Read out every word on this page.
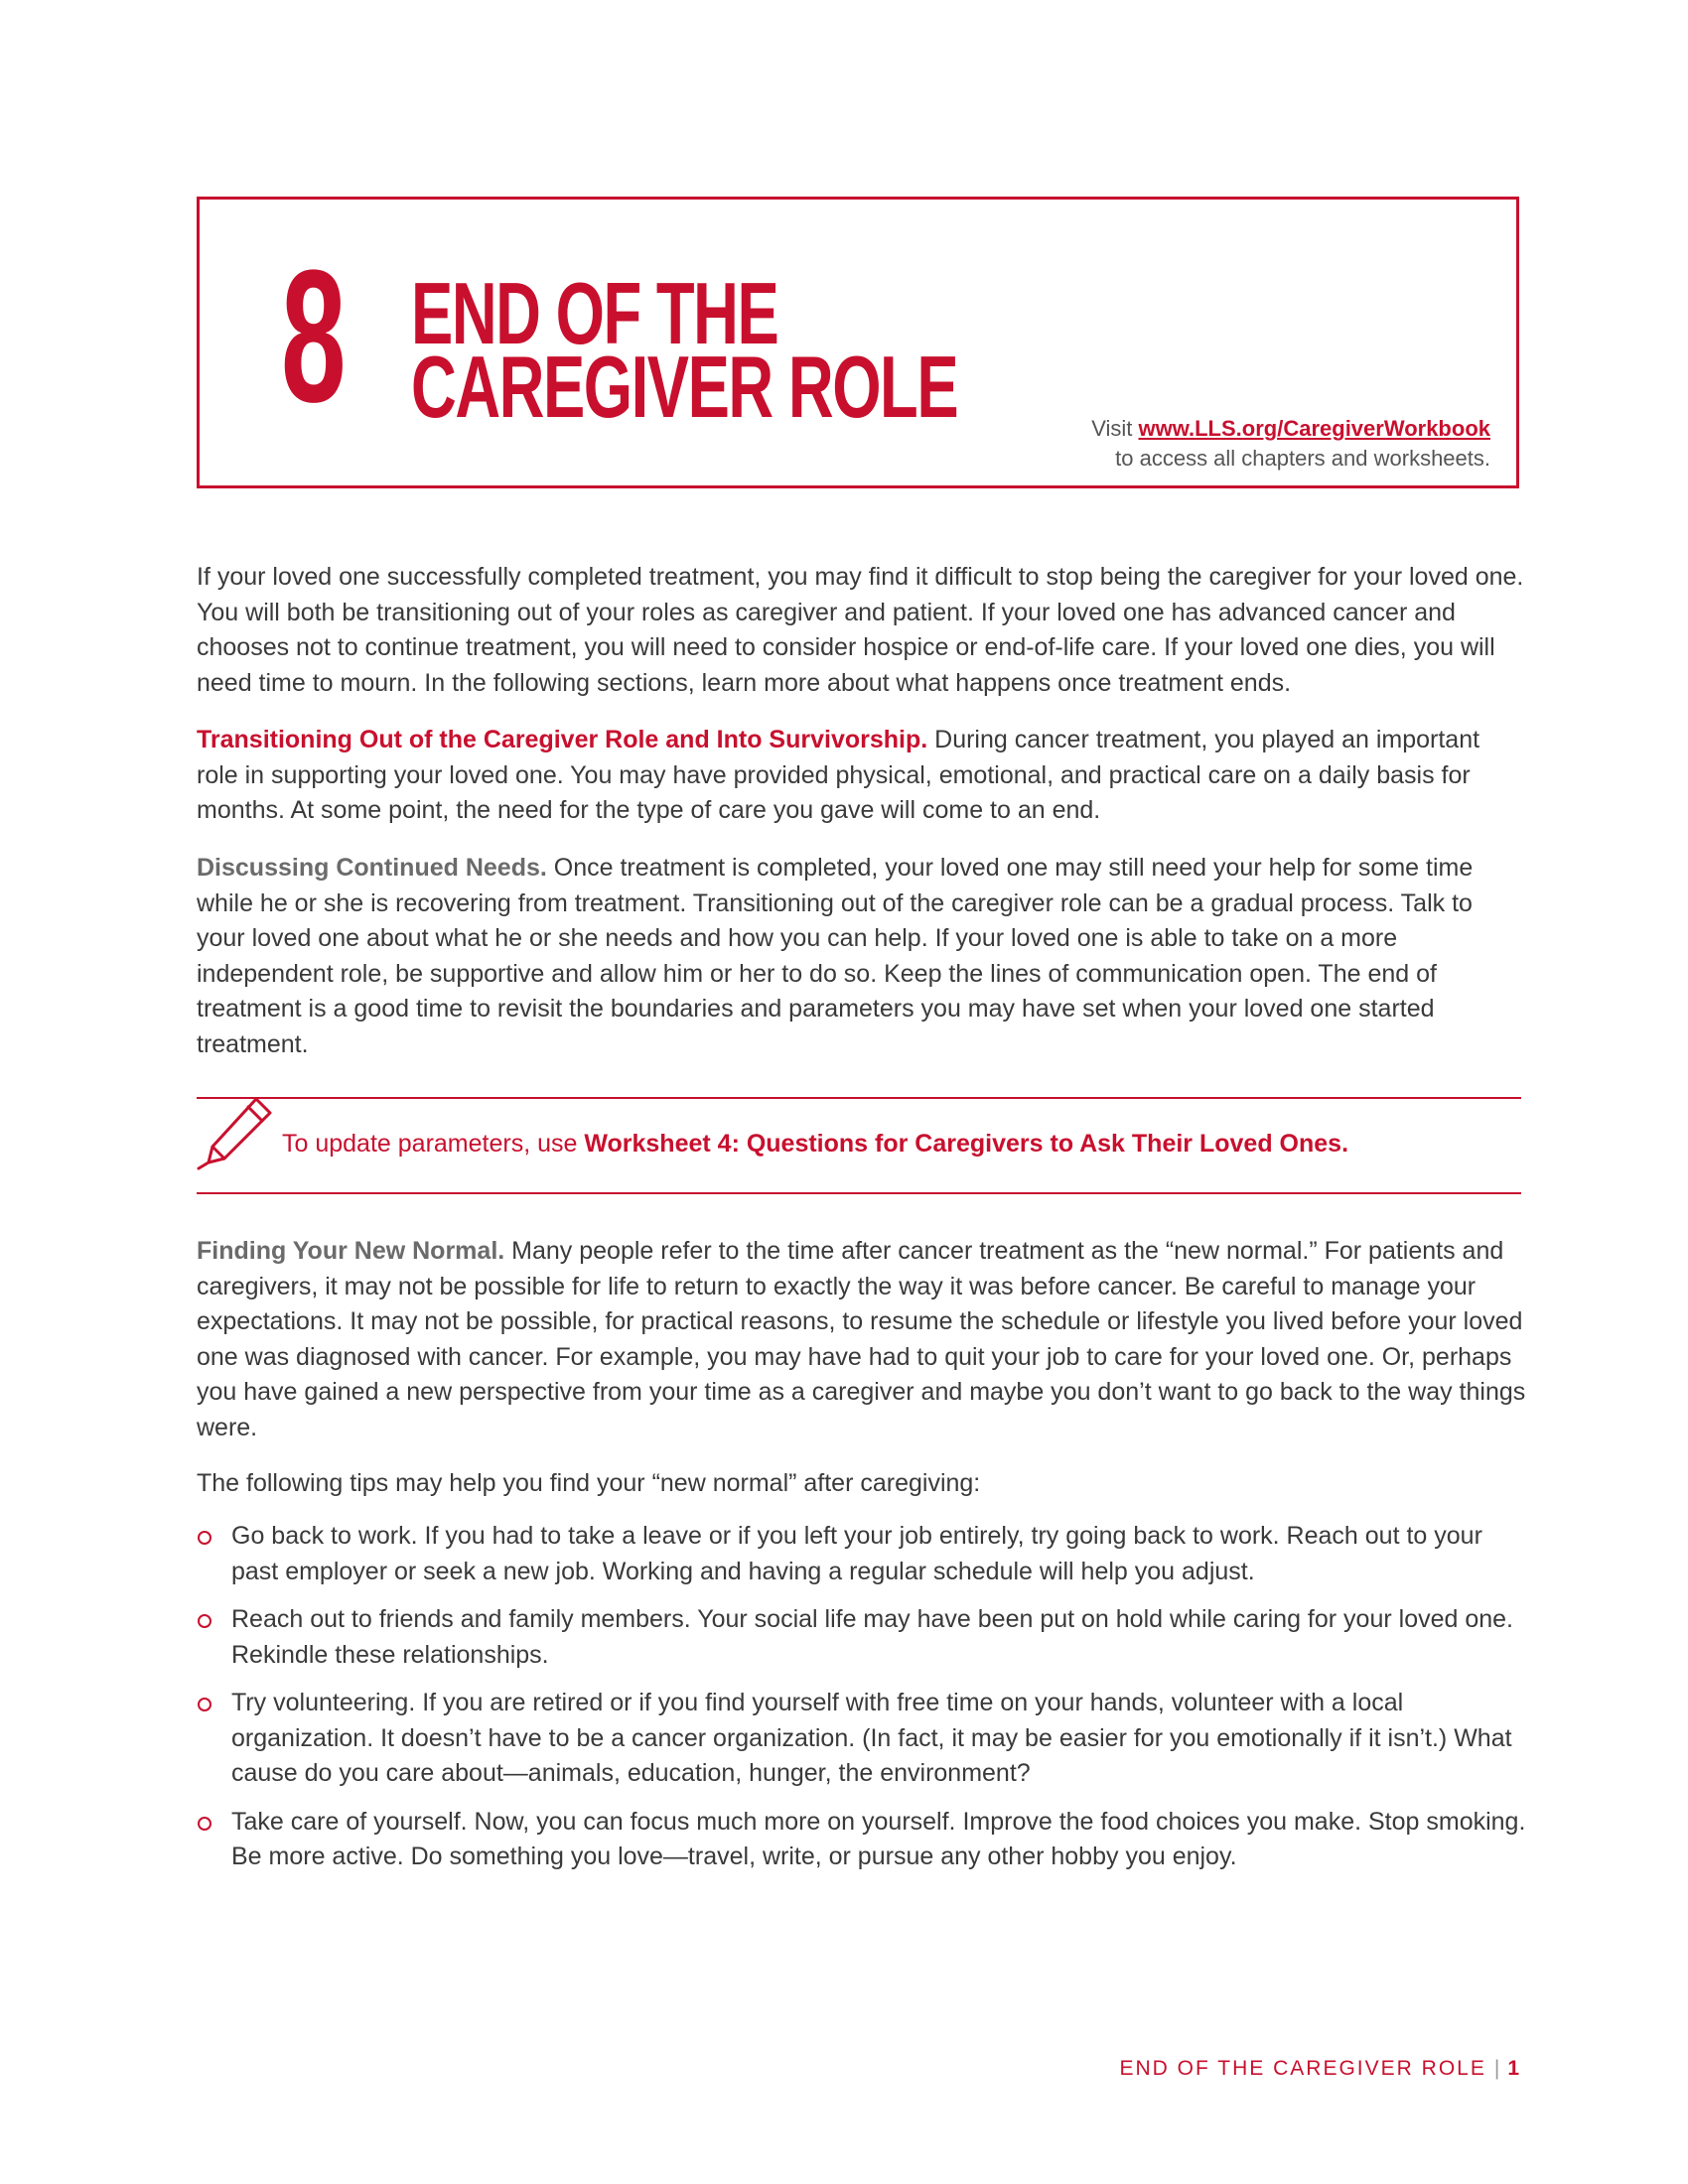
8 END OF THE
CAREGIVER ROLE	Visit www.LLS.org/CaregiverWorkbook
to access all chapters and worksheets.

If your loved one successfully completed treatment, you may find it difficult to stop being the caregiver for your loved one. You will both be transitioning out of your roles as caregiver and patient. If your loved one has advanced cancer and chooses not to continue treatment, you will need to consider hospice or end-of-life care. If your loved one dies, you will need time to mourn. In the following sections, learn more about what happens once treatment ends.

Transitioning Out of the Caregiver Role and Into Survivorship. During cancer treatment, you played an important role in supporting your loved one. You may have provided physical, emotional, and practical care on a daily basis for months. At some point, the need for the type of care you gave will come to an end.

Discussing Continued Needs. Once treatment is completed, your loved one may still need your help for some time while he or she is recovering from treatment. Transitioning out of the caregiver role can be a gradual process. Talk to your loved one about what he or she needs and how you can help. If your loved one is able to take on a more independent role, be supportive and allow him or her to do so. Keep the lines of communication open. The end of treatment is a good time to revisit the boundaries and parameters you may have set when your loved one started treatment.

To update parameters, use Worksheet 4: Questions for Caregivers to Ask Their Loved Ones.

Finding Your New Normal. Many people refer to the time after cancer treatment as the “new normal.” For patients and caregivers, it may not be possible for life to return to exactly the way it was before cancer. Be careful to manage your expectations. It may not be possible, for practical reasons, to resume the schedule or lifestyle you lived before your loved one was diagnosed with cancer. For example, you may have had to quit your job to care for your loved one. Or, perhaps you have gained a new perspective from your time as a caregiver and maybe you don’t want to go back to the way things were.

The following tips may help you find your “new normal” after caregiving:

Go back to work. If you had to take a leave or if you left your job entirely, try going back to work. Reach out to your past employer or seek a new job. Working and having a regular schedule will help you adjust.
Reach out to friends and family members. Your social life may have been put on hold while caring for your loved one. Rekindle these relationships.
Try volunteering. If you are retired or if you find yourself with free time on your hands, volunteer with a local organization. It doesn’t have to be a cancer organization. (In fact, it may be easier for you emotionally if it isn’t.) What cause do you care about—animals, education, hunger, the environment?
Take care of yourself. Now, you can focus much more on yourself. Improve the food choices you make. Stop smoking. Be more active. Do something you love—travel, write, or pursue any other hobby you enjoy.
END OF THE CAREGIVER ROLE | 1
